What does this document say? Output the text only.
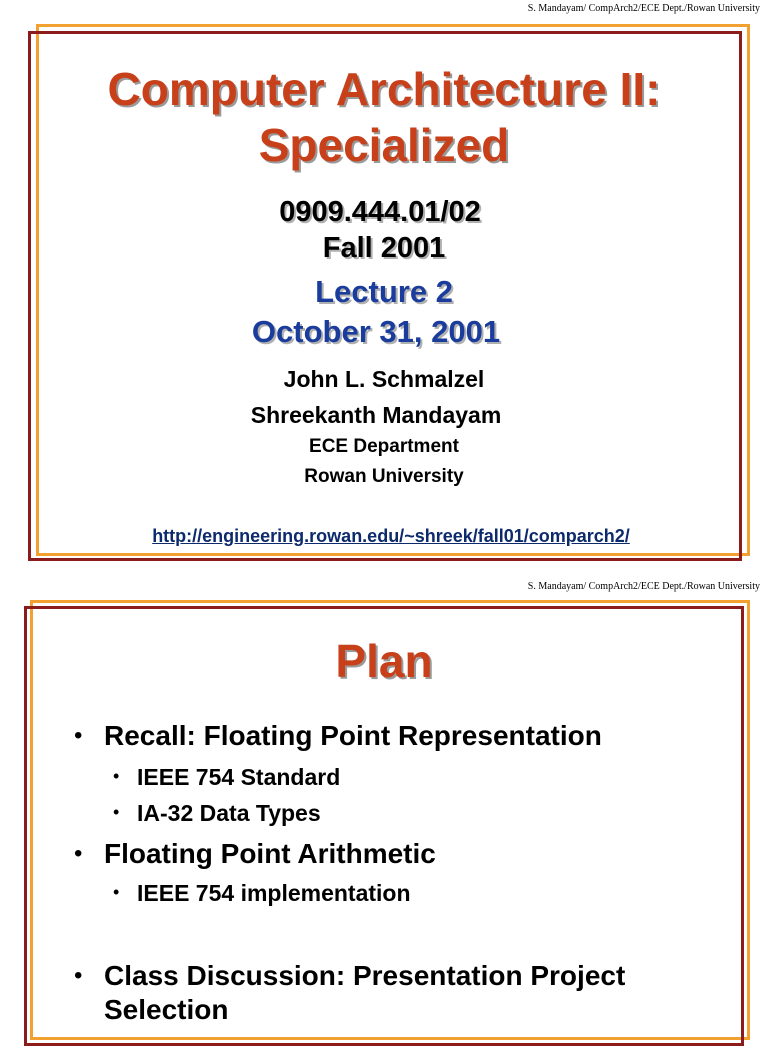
S. Mandayam/ CompArch2/ECE Dept./Rowan University
Computer Architecture II:
Specialized
0909.444.01/02
Fall 2001
Lecture 2
October 31, 2001
John L. Schmalzel
Shreekanth Mandayam
ECE Department
Rowan University
http://engineering.rowan.edu/~shreek/fall01/comparch2/
S. Mandayam/ CompArch2/ECE Dept./Rowan University
Plan
• Recall: Floating Point Representation
• IEEE 754 Standard
• IA-32 Data Types
• Floating Point Arithmetic
• IEEE 754 implementation
• Class Discussion: Presentation Project
Selection
